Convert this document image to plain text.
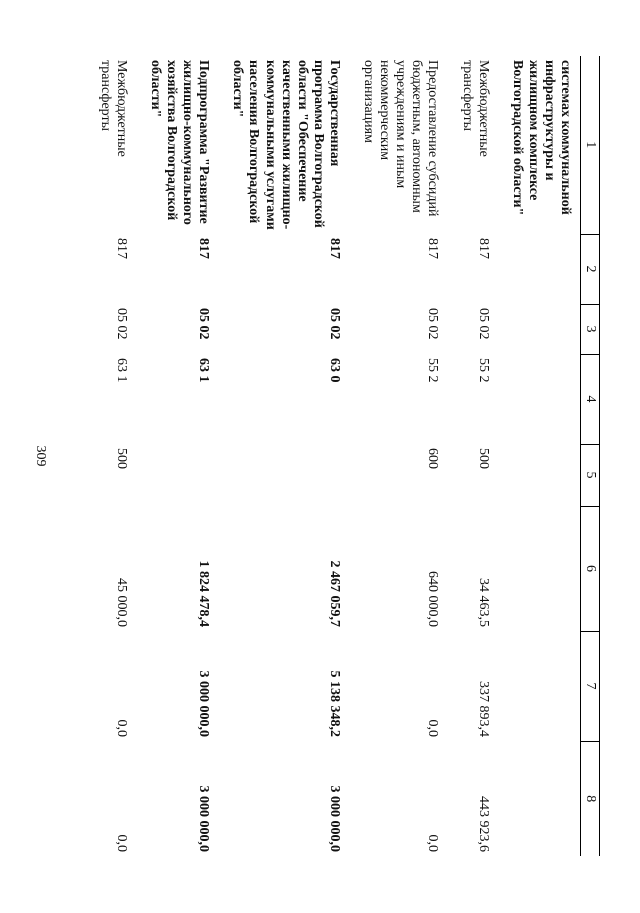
309
1	2	3	4	5	6	7	8
системах коммунальной инфраструктуры и жилищном комплексе Волгоградской области"							
Межбюджетные трансферты	817	05 02	55 2	500	34 463,5	337 893,4	443 923,6
Предоставление субсидий бюджетным, автономным учреждениям и иным некоммерческим организациям	817	05 02	55 2	600	640 000,0	0,0	0,0
Государственная программа Волгоградской области "Обеспечение качественными жилищно-коммунальными услугами населения Волгоградской области"	817	05 02	63 0		2 467 059,7	5 138 348,2	3 000 000,0
Подпрограмма "Развитие жилищно-коммунального хозяйства Волгоградской области"	817	05 02	63 1		1 824 478,4	3 000 000,0	3 000 000,0
Межбюджетные трансферты	817	05 02	63 1	500	45 000,0	0,0	0,0
